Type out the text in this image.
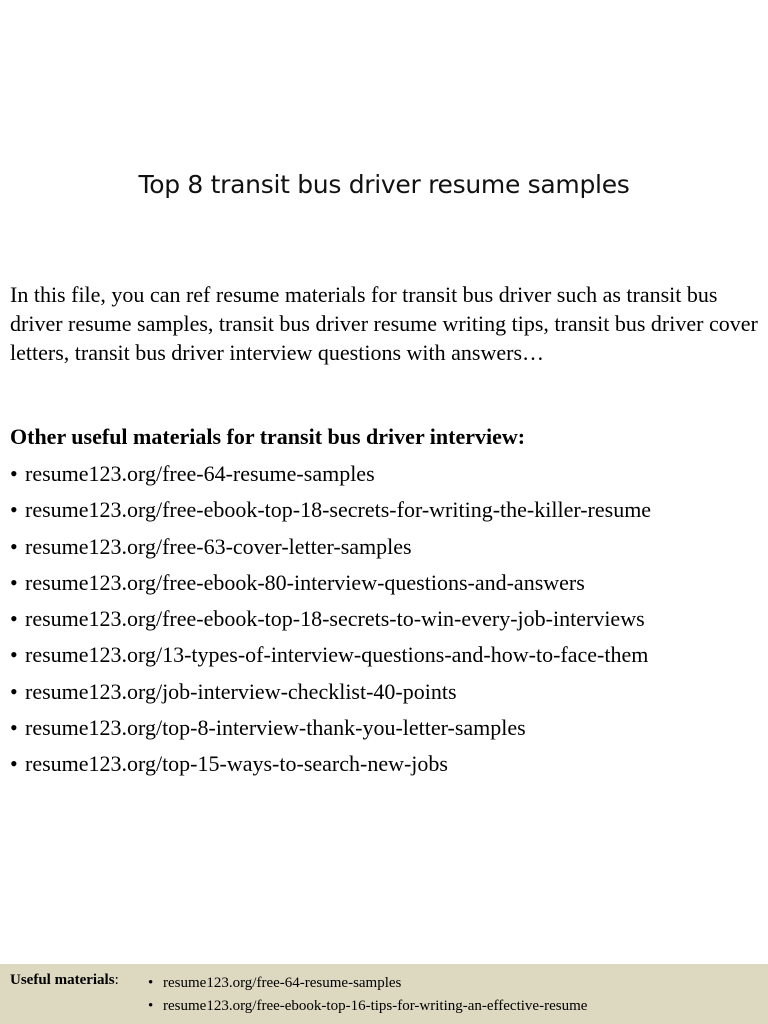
Top 8 transit bus driver resume samples

In this file, you can ref resume materials for transit bus driver such as transit bus driver resume samples, transit bus driver resume writing tips, transit bus driver cover letters, transit bus driver interview questions with answers…

Other useful materials for transit bus driver interview:
• resume123.org/free-64-resume-samples
• resume123.org/free-ebook-top-18-secrets-for-writing-the-killer-resume
• resume123.org/free-63-cover-letter-samples
• resume123.org/free-ebook-80-interview-questions-and-answers
• resume123.org/free-ebook-top-18-secrets-to-win-every-job-interviews
• resume123.org/13-types-of-interview-questions-and-how-to-face-them
• resume123.org/job-interview-checklist-40-points
• resume123.org/top-8-interview-thank-you-letter-samples
• resume123.org/top-15-ways-to-search-new-jobs
Useful materials: • resume123.org/free-64-resume-samples
• resume123.org/free-ebook-top-16-tips-for-writing-an-effective-resume
